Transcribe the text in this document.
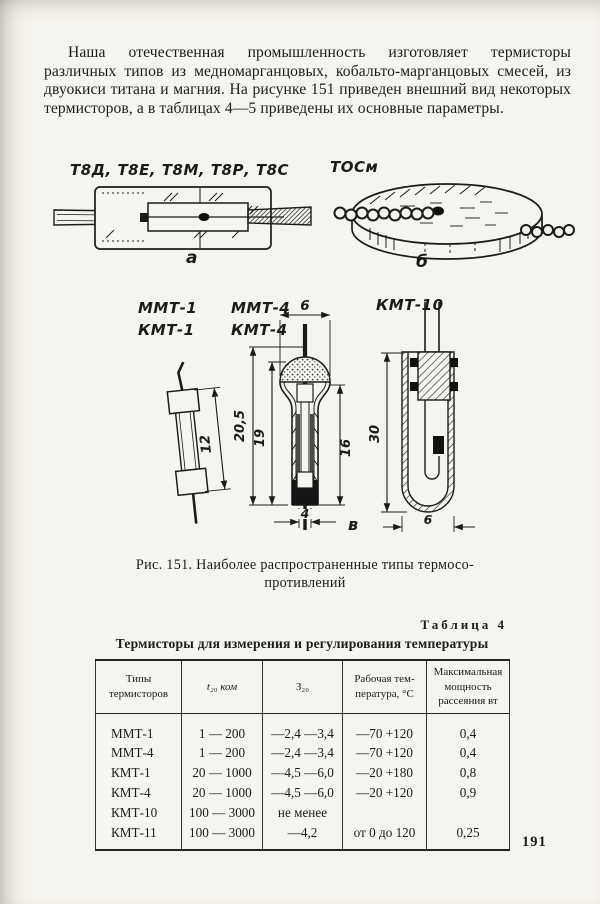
Наша отечественная промышленность изготовляет термисторы различных типов из медномарганцовых, кобальто-марганцовых смесей, из двуокиси титана и магния. На рисунке 151 приведен внешний вид некоторых термисторов, а в таблицах 4—5 приведены их основные параметры.

Т8Д, Т8Е, Т8М, Т8Р, Т8С
а
ТОСм
б
ММТ-1
КМТ-1
12
ММТ-4
КМТ-4
6
20,5 19
16
4
в
КМТ-10
30
6
Рис. 151. Наиболее распространенные типы термосо-
противлений

Таблица 4

Термисторы для измерения и регулирования температуры

Типы термисторов	t₂₀ ком	З₂₀	Рабочая температура, °С	Максимальная мощность рассеяния вт
ММТ-1	1 — 200	—2,4 —3,4	—70 +120	0,4
ММТ-4	1 — 200	—2,4 —3,4	—70 +120	0,4
КМТ-1	20 — 1000	—4,5 —6,0	—20 +180	0,8
КМТ-4	20 — 1000	—4,5 —6,0	—20 +120	0,9
КМТ-10	100 — 3000	не менее		
КМТ-11	100 — 3000	—4,2	от 0 до 120	0,25
191
